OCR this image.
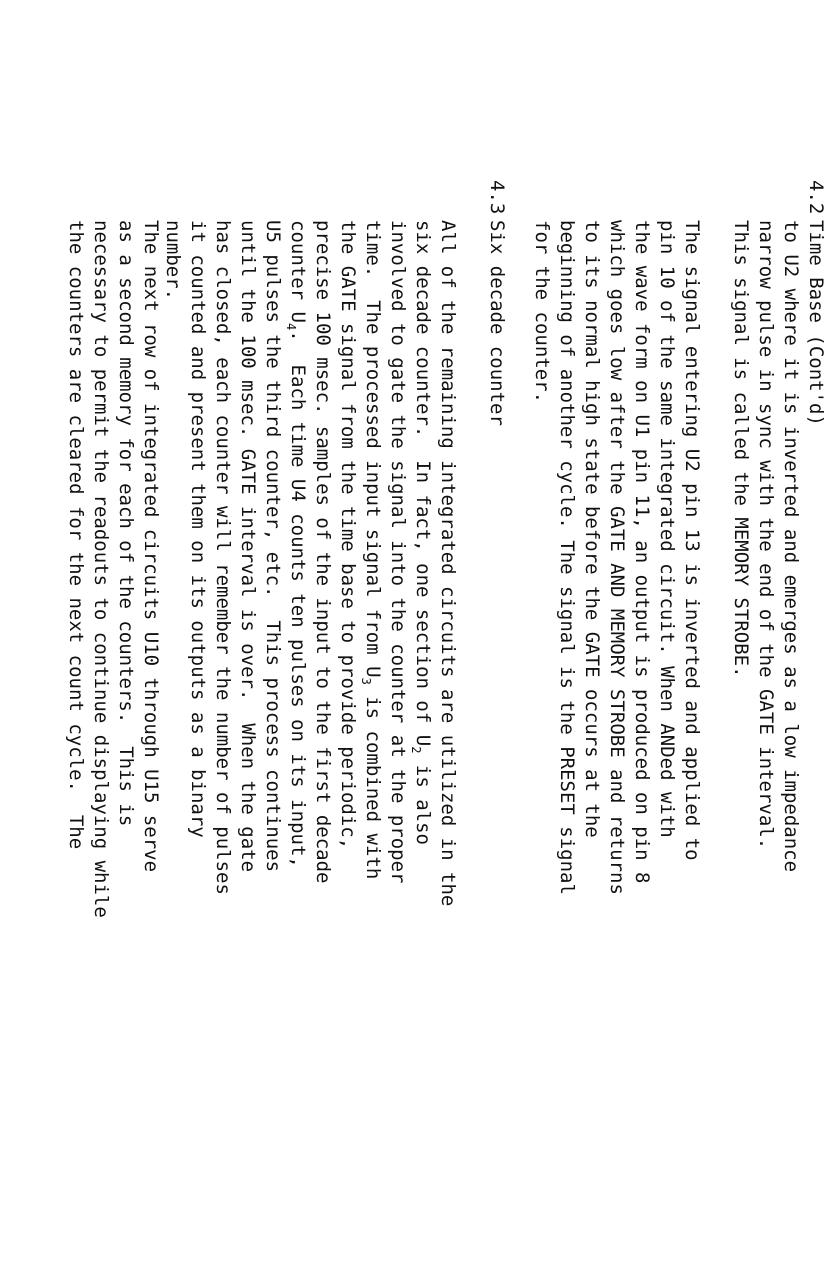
4.2
Time Base (Cont'd)
to U2 where it is inverted and emerges as a low impedance
narrow pulse in sync with the end of the GATE interval.
This signal is called the MEMORY STROBE.
The signal entering U2 pin 13 is inverted and applied to
pin 10 of the same integrated circuit. When ANDed with
the wave form on U1 pin 11, an output is produced on pin 8
which goes low after the GATE AND MEMORY STROBE and returns
to its normal high state before the GATE occurs at the
beginning of another cycle. The signal is the PRESET signal
for the counter.
4.3
Six decade counter
All of the remaining integrated circuits are utilized in the
six decade counter.  In fact, one section of $U_2$ is also
involved to gate the signal into the counter at the proper
time.  The processed input signal from $U_3$ is combined with
the GATE signal from the time base to provide periodic,
precise 100 msec. samples of the input to the first decade
counter $U_4$.  Each time U4 counts ten pulses on its input,
U5 pulses the third counter, etc.  This process continues
until the 100 msec. GATE interval is over.  When the gate
has closed, each counter will remember the number of pulses
it counted and present them on its outputs as a binary
number.
The next row of integrated circuits U10 through U15 serve
as a second memory for each of the counters.  This is
necessary to permit the readouts to continue displaying while
the counters are cleared for the next count cycle.  The
